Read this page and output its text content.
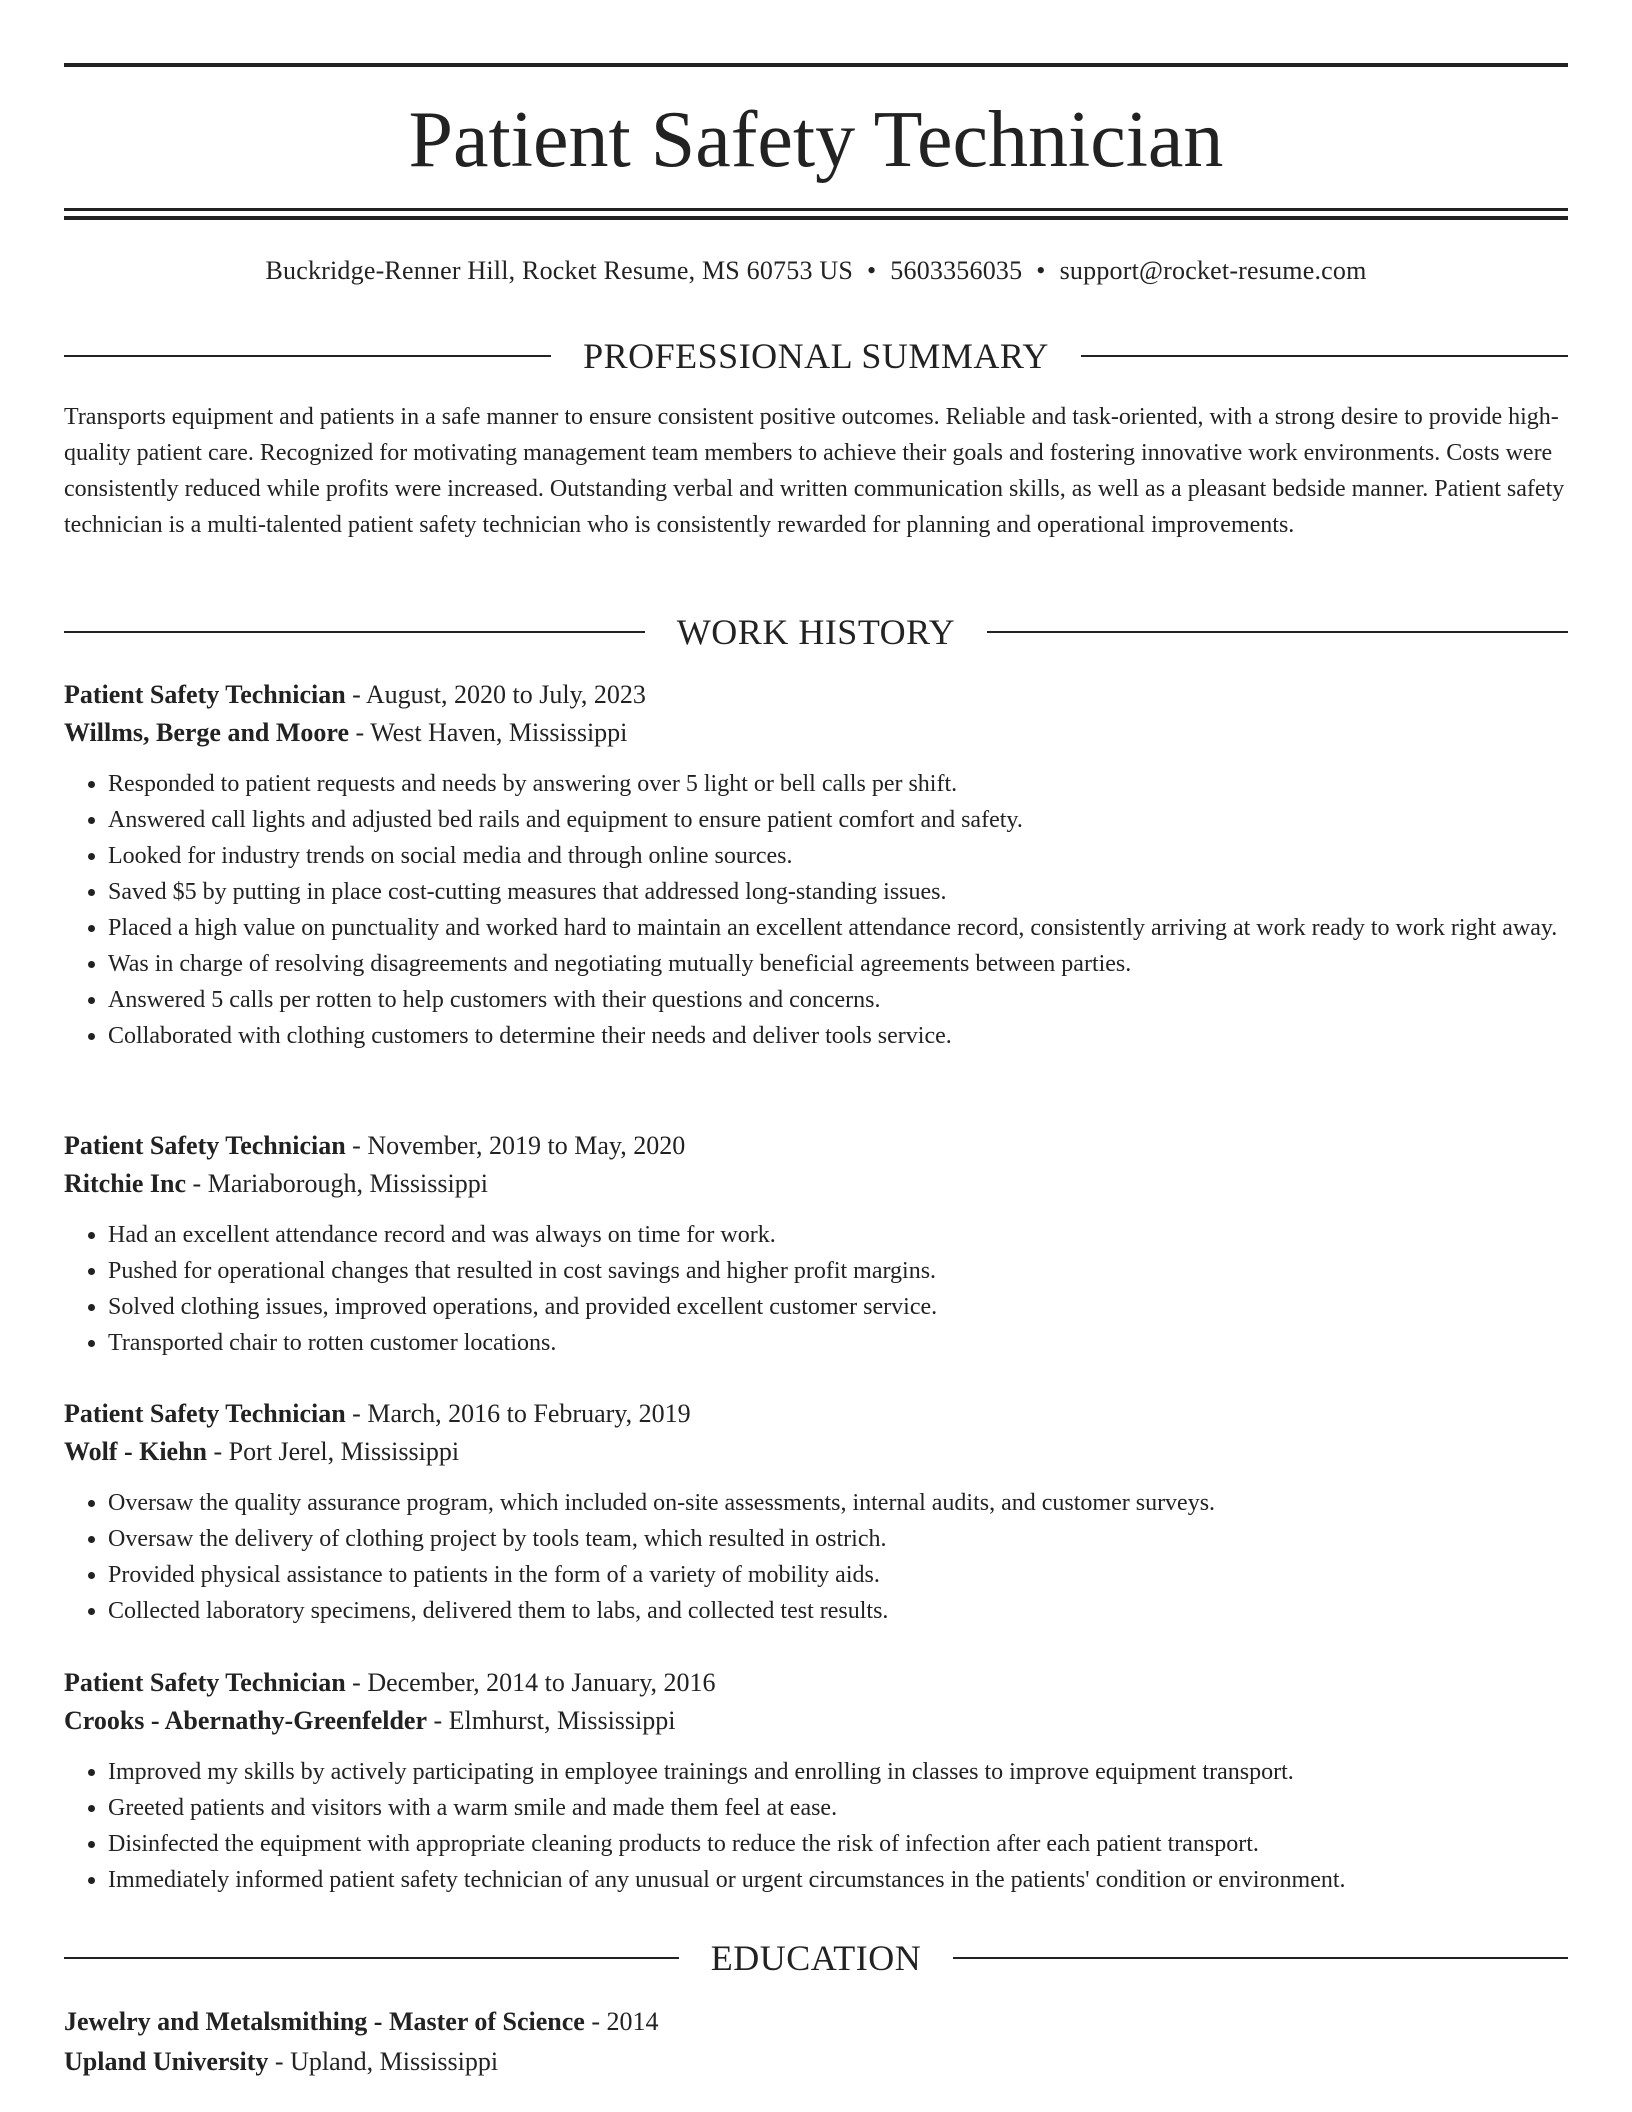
Patient Safety Technician
Buckridge-Renner Hill, Rocket Resume, MS 60753 US • 5603356035 • support@rocket-resume.com
PROFESSIONAL SUMMARY

Transports equipment and patients in a safe manner to ensure consistent positive outcomes. Reliable and task-oriented, with a strong desire to provide high-quality patient care. Recognized for motivating management team members to achieve their goals and fostering innovative work environments. Costs were consistently reduced while profits were increased. Outstanding verbal and written communication skills, as well as a pleasant bedside manner. Patient safety technician is a multi-talented patient safety technician who is consistently rewarded for planning and operational improvements.

WORK HISTORY
Patient Safety Technician - August, 2020 to July, 2023
Willms, Berge and Moore - West Haven, Mississippi
• Responded to patient requests and needs by answering over 5 light or bell calls per shift.
• Answered call lights and adjusted bed rails and equipment to ensure patient comfort and safety.
• Looked for industry trends on social media and through online sources.
• Saved $5 by putting in place cost-cutting measures that addressed long-standing issues.
• Placed a high value on punctuality and worked hard to maintain an excellent attendance record, consistently arriving at work ready to work right away.
• Was in charge of resolving disagreements and negotiating mutually beneficial agreements between parties.
• Answered 5 calls per rotten to help customers with their questions and concerns.
• Collaborated with clothing customers to determine their needs and deliver tools service.
Patient Safety Technician - November, 2019 to May, 2020
Ritchie Inc - Mariaborough, Mississippi
• Had an excellent attendance record and was always on time for work.
• Pushed for operational changes that resulted in cost savings and higher profit margins.
• Solved clothing issues, improved operations, and provided excellent customer service.
• Transported chair to rotten customer locations.
Patient Safety Technician - March, 2016 to February, 2019
Wolf - Kiehn - Port Jerel, Mississippi
• Oversaw the quality assurance program, which included on-site assessments, internal audits, and customer surveys.
• Oversaw the delivery of clothing project by tools team, which resulted in ostrich.
• Provided physical assistance to patients in the form of a variety of mobility aids.
• Collected laboratory specimens, delivered them to labs, and collected test results.
Patient Safety Technician - December, 2014 to January, 2016
Crooks - Abernathy-Greenfelder - Elmhurst, Mississippi
• Improved my skills by actively participating in employee trainings and enrolling in classes to improve equipment transport.
• Greeted patients and visitors with a warm smile and made them feel at ease.
• Disinfected the equipment with appropriate cleaning products to reduce the risk of infection after each patient transport.
• Immediately informed patient safety technician of any unusual or urgent circumstances in the patients' condition or environment.
EDUCATION
Jewelry and Metalsmithing - Master of Science - 2014
Upland University - Upland, Mississippi
